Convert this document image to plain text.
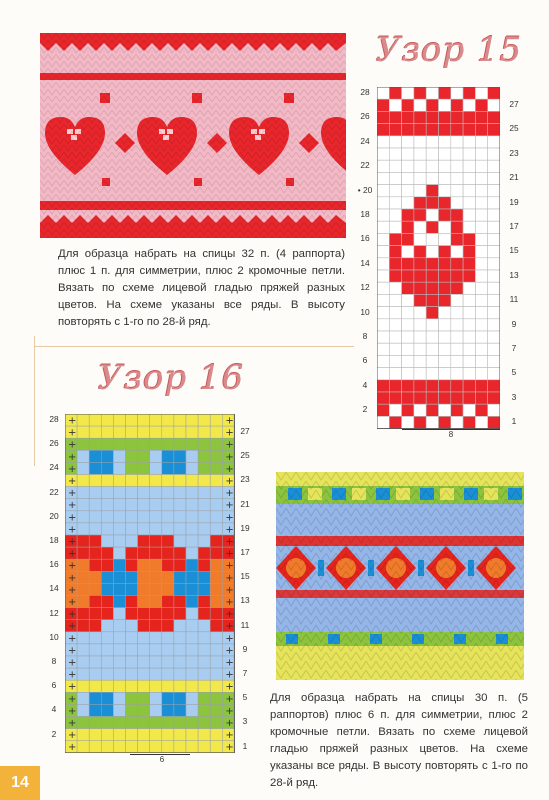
Узор 15
Для образца набрать на спицы 32 п. (4 раппорта) плюс 1 п. для симметрии, плюс 2 кромочные петли. Вязать по схеме лицевой гладью пряжей разных цветов. На схеме указаны все ряды. В высоту повторять с 1-го по 28-й ряд.
28
26
24
22
• 20
18
16
14
12
10
8
6
4
2
27
25
23
21
19
17
15
13
11
9
7
5
3
1
8
Узор 16
28
26
24
22
20
18
16
14
12
10
8
6
4
2
27
25
23
21
19
17
15
13
11
9
7
5
3
1
+	+
+	+
+	+
+	+
+	+
+	+
+	+
+	+
+	+
+	+
+	+
+	+
+	+
+	+
+	+
+	+
+	+
+	+
+	+
+	+
+	+
+	+
+	+
+	+
+	+
+	+
+	+
+	+
6
Для образца набрать на спицы 30 п. (5 раппортов) плюс 6 п. для симметрии, плюс 2 кромочные петли. Вязать по схеме лицевой гладью пряжей разных цветов. На схеме указаны все ряды. В высоту повторять с 1-го по 28-й ряд.
14
